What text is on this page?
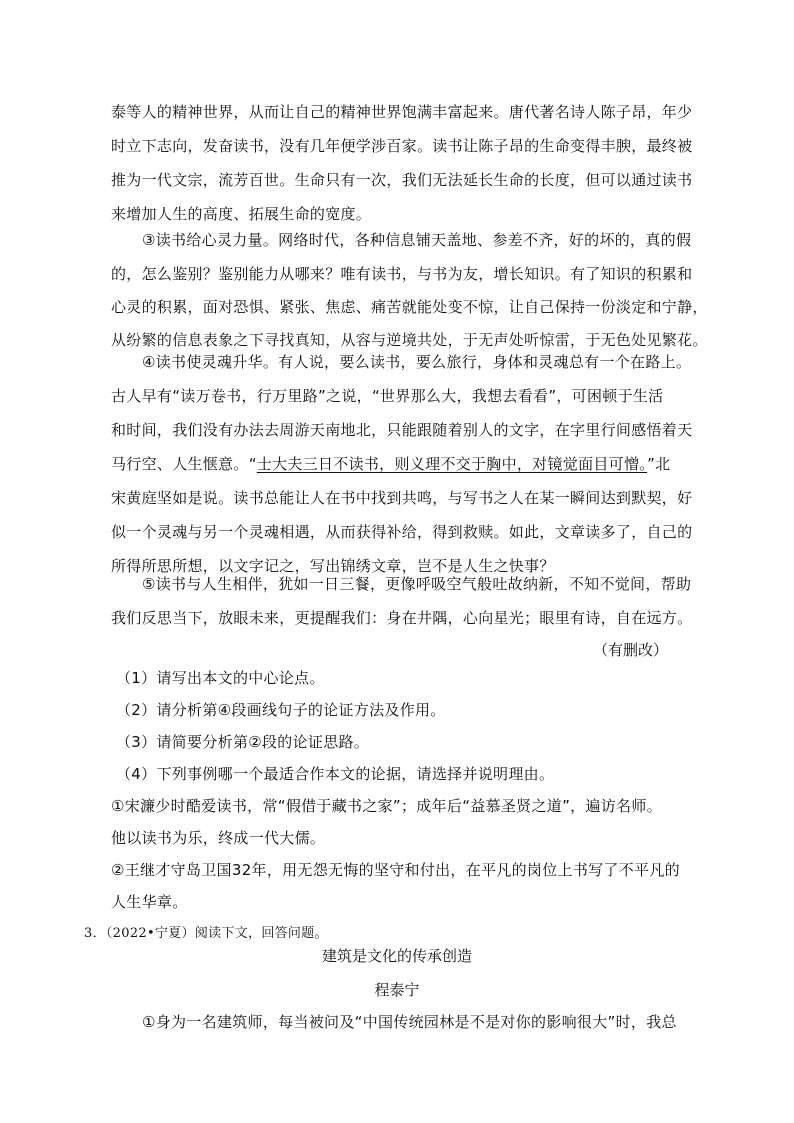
泰等人的精神世界，从而让自己的精神世界饱满丰富起来。唐代著名诗人陈子昂，年少
时立下志向，发奋读书，没有几年便学涉百家。读书让陈子昂的生命变得丰腴，最终被
推为一代文宗，流芳百世。生命只有一次，我们无法延长生命的长度，但可以通过读书
来增加人生的高度、拓展生命的宽度。
③读书给心灵力量。网络时代，各种信息铺天盖地、参差不齐，好的坏的，真的假
的，怎么鉴别？鉴别能力从哪来？唯有读书，与书为友，增长知识。有了知识的积累和
心灵的积累，面对恐惧、紧张、焦虑、痛苦就能处变不惊，让自己保持一份淡定和宁静，
从纷繁的信息表象之下寻找真知，从容与逆境共处，于无声处听惊雷，于无色处见繁花。
④读书使灵魂升华。有人说，要么读书，要么旅行，身体和灵魂总有一个在路上。
古人早有“读万卷书，行万里路”之说，“世界那么大，我想去看看”，可困顿于生活
和时间，我们没有办法去周游天南地北，只能跟随着别人的文字，在字里行间感悟着天
马行空、人生惬意。“士大夫三日不读书，则义理不交于胸中，对镜觉面目可憎。”北
宋黄庭坚如是说。读书总能让人在书中找到共鸣，与写书之人在某一瞬间达到默契，好
似一个灵魂与另一个灵魂相遇，从而获得补给，得到救赎。如此，文章读多了，自己的
所得所思所想，以文字记之，写出锦绣文章，岂不是人生之快事？
⑤读书与人生相伴，犹如一日三餐，更像呼吸空气般吐故纳新，不知不觉间，帮助
我们反思当下，放眼未来，更提醒我们：身在井隅，心向星光；眼里有诗，自在远方。
（有删改）
（1）请写出本文的中心论点。
（2）请分析第④段画线句子的论证方法及作用。
（3）请简要分析第②段的论证思路。
（4）下列事例哪一个最适合作本文的论据，请选择并说明理由。
①宋濂少时酷爱读书，常“假借于藏书之家”；成年后“益慕圣贤之道”，遍访名师。
他以读书为乐，终成一代大儒。
②王继才守岛卫国32年，用无怨无悔的坚守和付出，在平凡的岗位上书写了不平凡的
人生华章。
3．（2022•宁夏）阅读下文，回答问题。
建筑是文化的传承创造
程泰宁
①身为一名建筑师，每当被问及“中国传统园林是不是对你的影响很大”时，我总
